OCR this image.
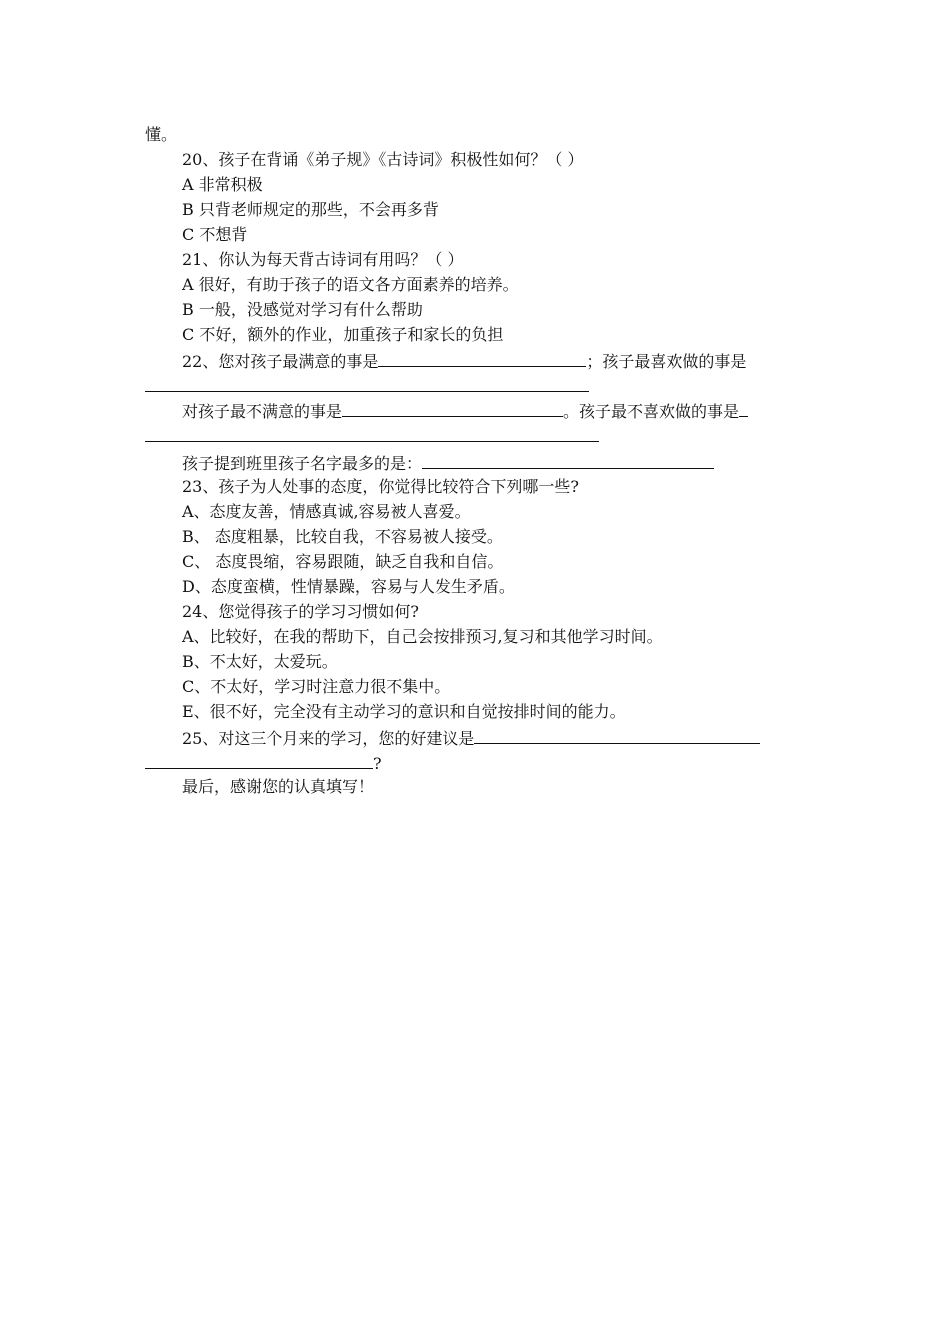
懂。
20、孩子在背诵《弟子规》《古诗词》积极性如何？（ ）
A 非常积极
B 只背老师规定的那些，不会再多背
C 不想背
21、你认为每天背古诗词有用吗？（ ）
A 很好，有助于孩子的语文各方面素养的培养。
B 一般，没感觉对学习有什么帮助
C 不好，额外的作业，加重孩子和家长的负担
22、您对孩子最满意的事是	；孩子最喜欢做的事是
对孩子最不满意的事是	。孩子最不喜欢做的事是
孩子提到班里孩子名字最多的是：
23、孩子为人处事的态度，你觉得比较符合下列哪一些?
A、态度友善，情感真诚,容易被人喜爱。
B、 态度粗暴，比较自我，不容易被人接受。
C、 态度畏缩，容易跟随，缺乏自我和自信。
D、态度蛮横，性情暴躁，容易与人发生矛盾。
24、您觉得孩子的学习习惯如何?
A、比较好，在我的帮助下，自己会按排预习,复习和其他学习时间。
B、不太好，太爱玩。
C、不太好，学习时注意力很不集中。
E、很不好，完全没有主动学习的意识和自觉按排时间的能力。
25、对这三个月来的学习，您的好建议是
?
最后，感谢您的认真填写！
